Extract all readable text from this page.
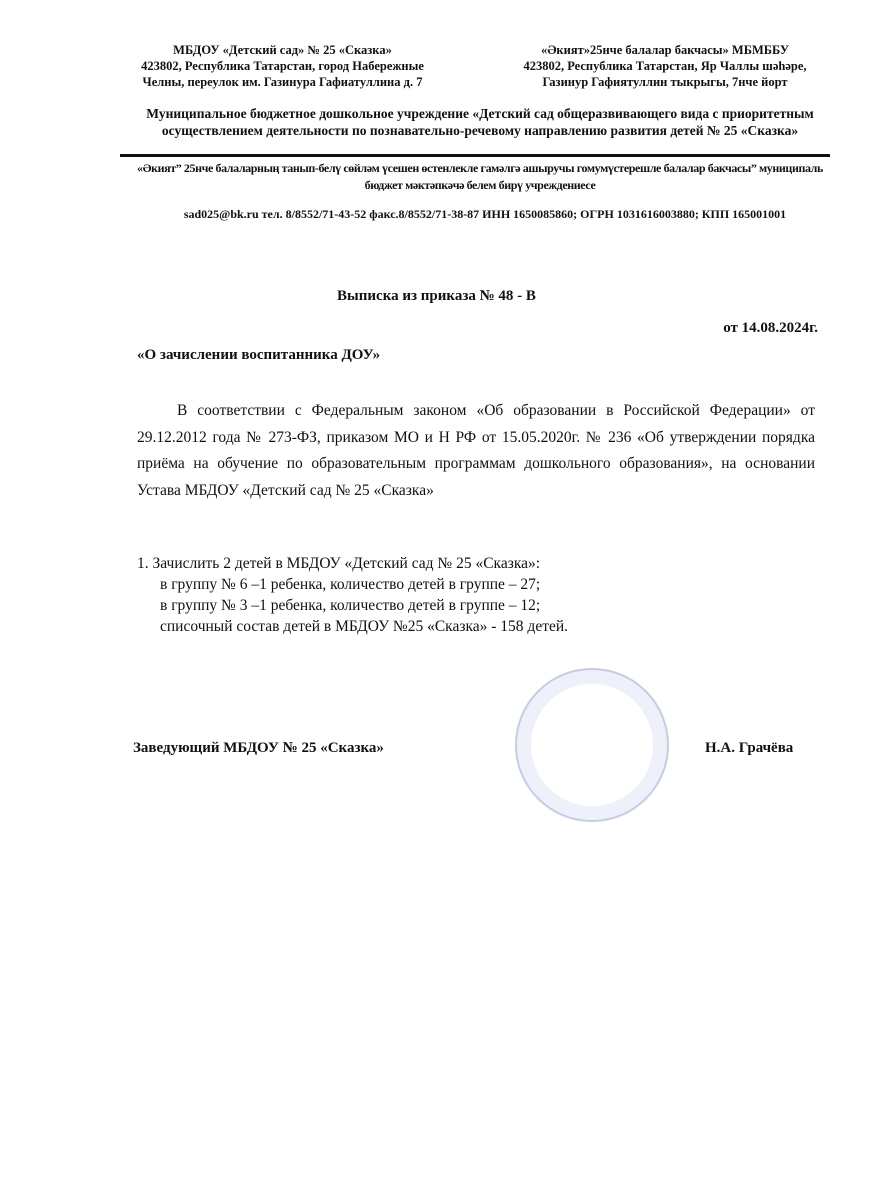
МБДОУ «Детский сад» № 25 «Сказка»
423802, Республика Татарстан, город Набережные
Челны, переулок им. Газинура Гафиатуллина д. 7
«Әкият»25нче балалар бакчасы» МБМББУ
423802, Республика Татарстан, Яр Чаллы шәһәре,
Газинур Гафиятуллин тыкрыгы, 7нче йорт
Муниципальное бюджетное дошкольное учреждение «Детский сад общеразвивающего вида с приоритетным осуществлением деятельности по познавательно-речевому направлению развития детей № 25 «Сказка»
«Әкият” 25нче балаларның танып-белү сөйләм үсешен өстенлекле гамәлгә ашыручы гомумүстерешле балалар бакчасы” муниципаль бюджет мәктәпкәчә белем бирү учреждениесе
sad025@bk.ru тел. 8/8552/71-43-52 факс.8/8552/71-38-87 ИНН 1650085860; ОГРН 1031616003880; КПП 165001001
Выписка из приказа № 48 - В
от 14.08.2024г.
«О зачислении воспитанника ДОУ»

В соответствии с Федеральным законом «Об образовании в Российской Федерации» от 29.12.2012 года № 273-ФЗ, приказом МО и Н РФ от 15.05.2020г. № 236 «Об утверждении порядка приёма на обучение по образовательным программам дошкольного образования», на основании Устава МБДОУ «Детский сад № 25 «Сказка»

1. Зачислить 2 детей в МБДОУ «Детский сад № 25 «Сказка»:
в группу № 6 –1 ребенка, количество детей в группе – 27;
в группу № 3 –1 ребенка, количество детей в группе – 12;
списочный состав детей в МБДОУ №25 «Сказка» - 158 детей.
Заведующий МБДОУ № 25 «Сказка»	Н.А. Грачёва
